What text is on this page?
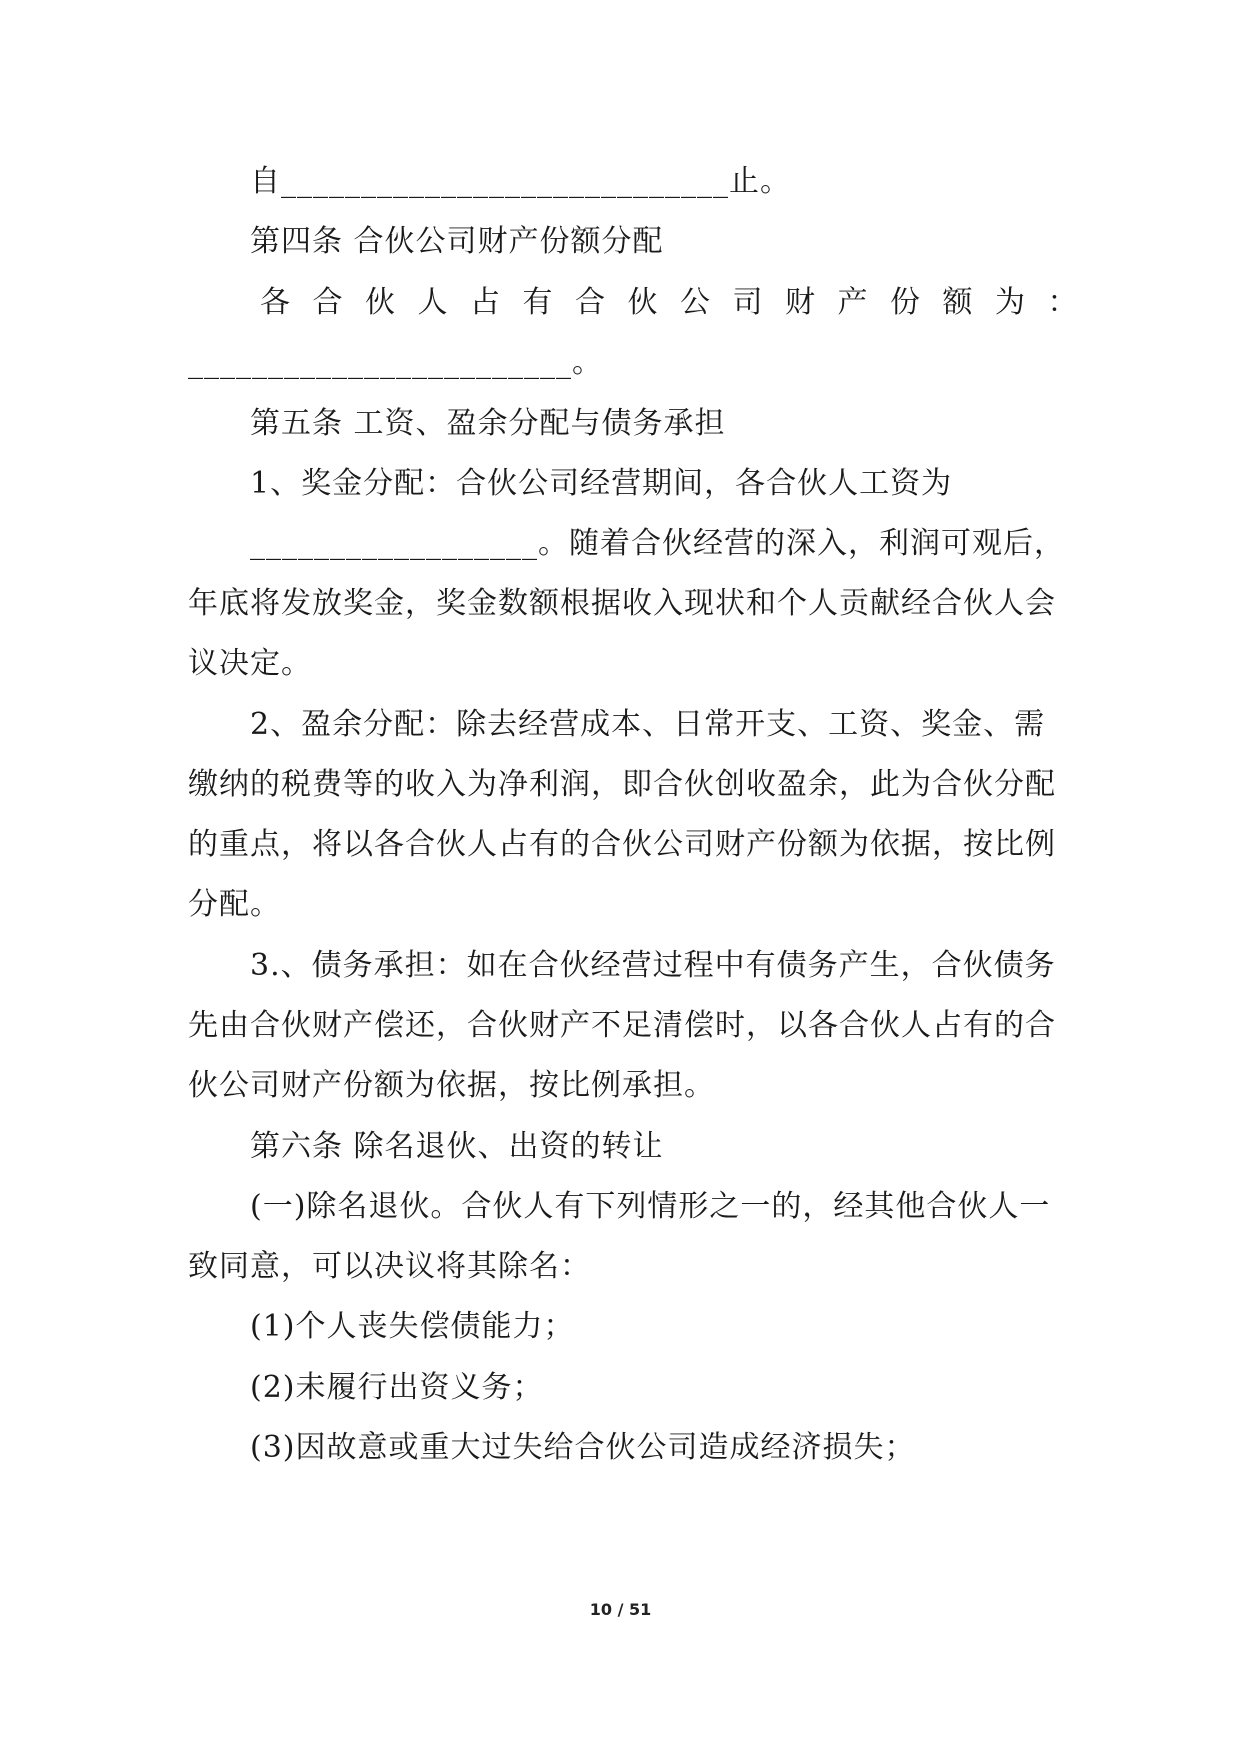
自____________________________止。
第四条 合伙公司财产份额分配
各合伙人占有合伙公司财产份额为：
________________________。
第五条 工资、盈余分配与债务承担
1、奖金分配：合伙公司经营期间，各合伙人工资为
__________________。随着合伙经营的深入，利润可观后，
年底将发放奖金，奖金数额根据收入现状和个人贡献经合伙人会
议决定。
2、盈余分配：除去经营成本、日常开支、工资、奖金、需
缴纳的税费等的收入为净利润，即合伙创收盈余，此为合伙分配
的重点，将以各合伙人占有的合伙公司财产份额为依据，按比例
分配。
3.、债务承担：如在合伙经营过程中有债务产生，合伙债务
先由合伙财产偿还，合伙财产不足清偿时，以各合伙人占有的合
伙公司财产份额为依据，按比例承担。
第六条 除名退伙、出资的转让
(一)除名退伙。合伙人有下列情形之一的，经其他合伙人一
致同意，可以决议将其除名：
(1)个人丧失偿债能力；
(2)未履行出资义务；
(3)因故意或重大过失给合伙公司造成经济损失；
10 / 51
